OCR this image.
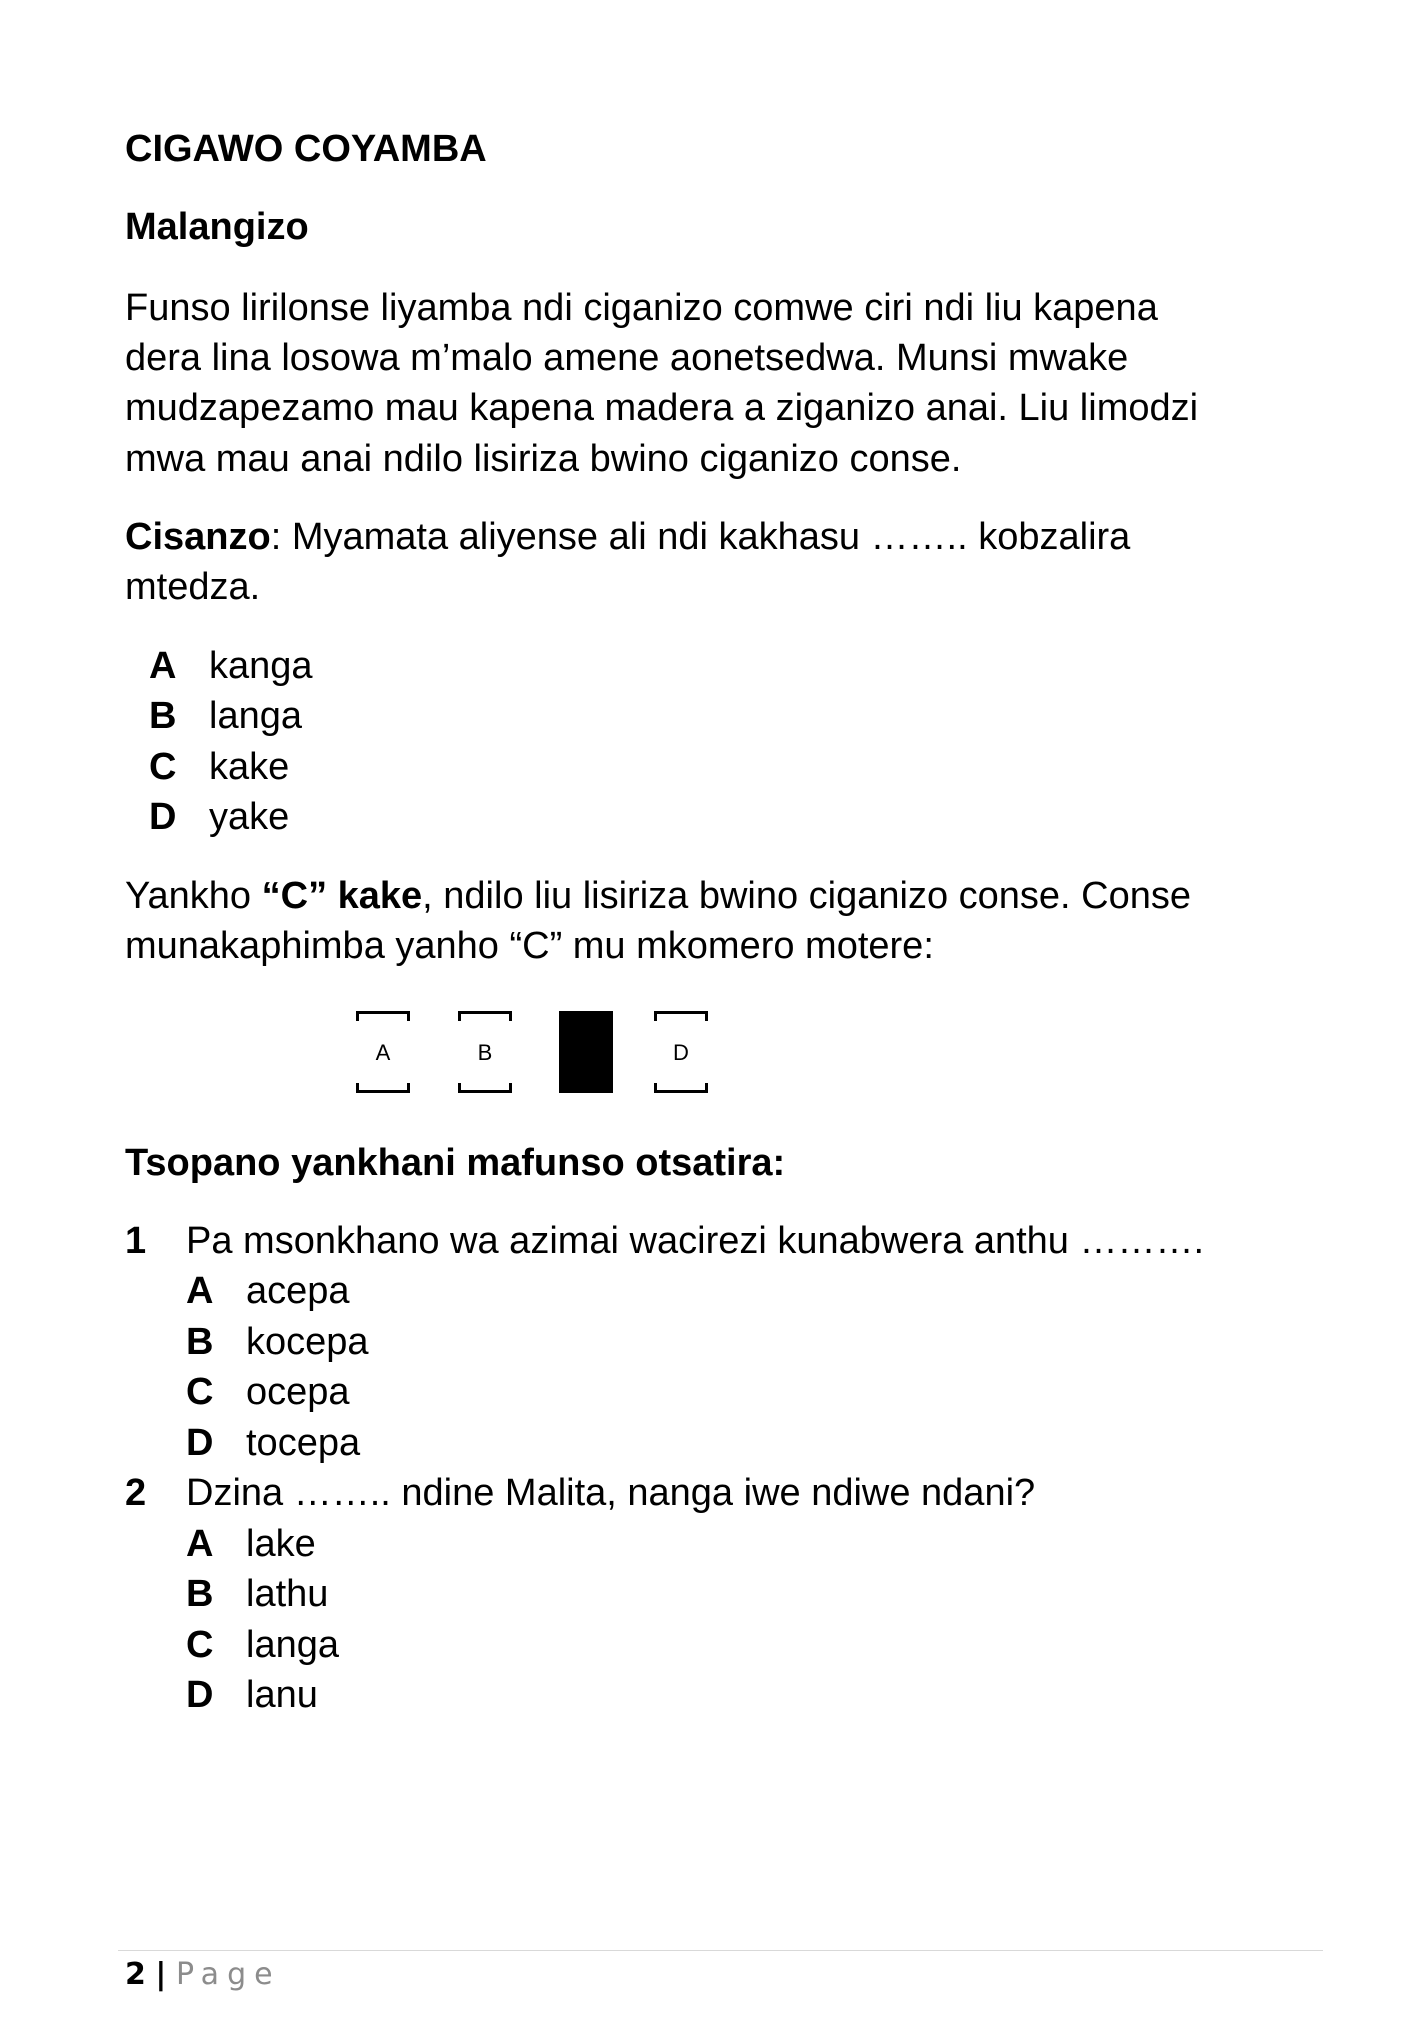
CIGAWO COYAMBA
Malangizo
Funso lirilonse liyamba ndi ciganizo comwe ciri ndi liu kapena
dera lina losowa m’malo amene aonetsedwa. Munsi mwake
mudzapezamo mau kapena madera a ziganizo anai. Liu limodzi
mwa mau anai ndilo lisiriza bwino ciganizo conse.
Cisanzo: Myamata aliyense ali ndi kakhasu …….. kobzalira
mtedza.
A kanga
B langa
C kake
D yake
Yankho “C” kake, ndilo liu lisiriza bwino ciganizo conse. Conse
munakaphimba yanho “C” mu mkomero motere:
A	B	C	D
Tsopano yankhani mafunso otsatira:
1 Pa msonkhano wa azimai wacirezi kunabwera anthu ……….
A acepa
B kocepa
C ocepa
D tocepa
2 Dzina …….. ndine Malita, nanga iwe ndiwe ndani?
A lake
B lathu
C langa
D lanu
2 | Page
